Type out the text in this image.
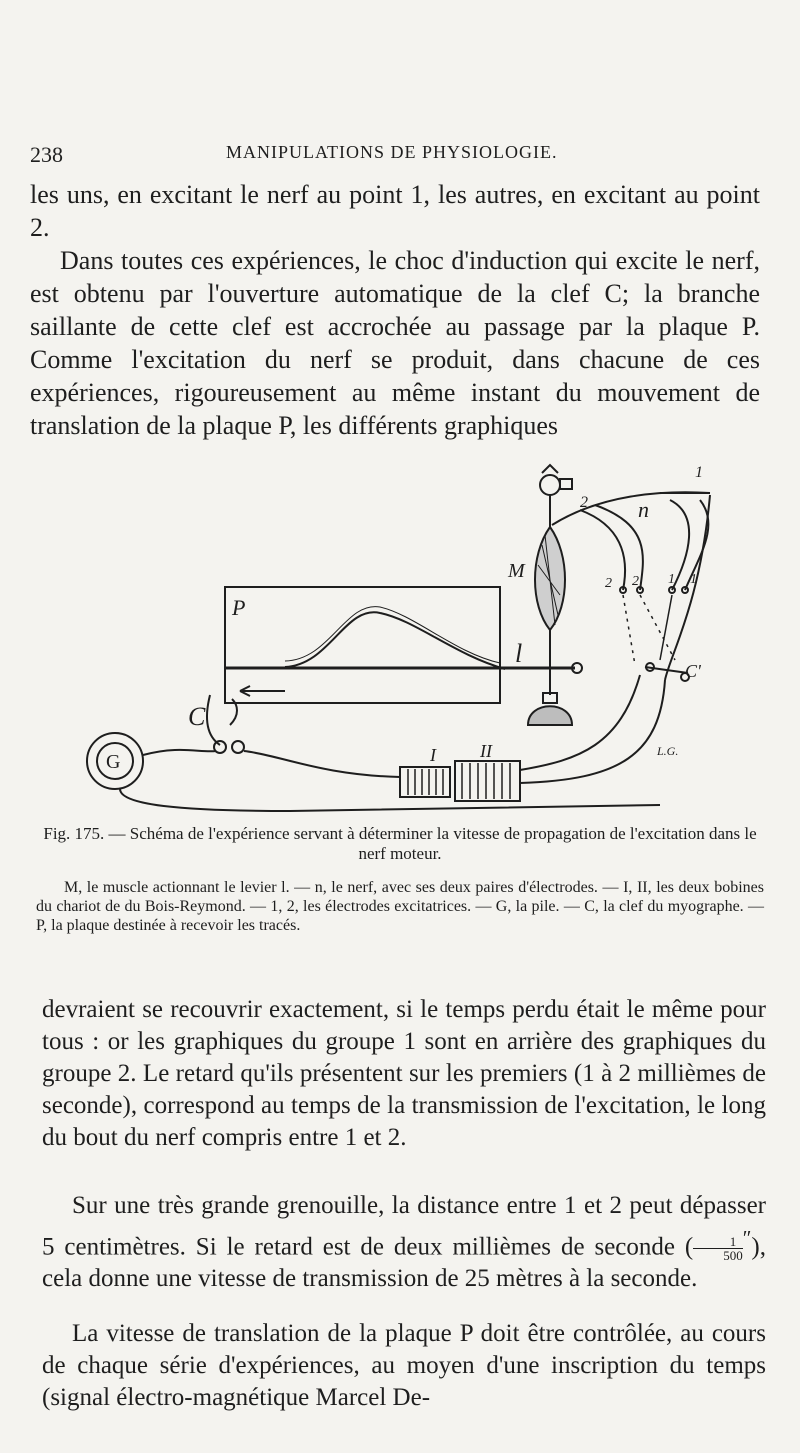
238	MANIPULATIONS DE PHYSIOLOGIE.

les uns, en excitant le nerf au point 1, les autres, en excitant au point 2.

Dans toutes ces expériences, le choc d'induction qui excite le nerf, est obtenu par l'ouverture automatique de la clef C; la branche saillante de cette clef est accrochée au passage par la plaque P. Comme l'excitation du nerf se produit, dans chacune de ces expériences, rigoureusement au même instant du mouvement de translation de la plaque P, les différents graphiques

P
l
M
n
C
G
C'
I II
1
2
2 2 1 1
L.G.

Fig. 175. — Schéma de l'expérience servant à déterminer la vitesse de propagation de l'excitation dans le nerf moteur.

M, le muscle actionnant le levier l. — n, le nerf, avec ses deux paires d'électrodes. — I, II, les deux bobines du chariot de du Bois-Reymond. — 1, 2, les électrodes excitatrices. — G, la pile. — C, la clef du myographe. — P, la plaque destinée à recevoir les tracés.

devraient se recouvrir exactement, si le temps perdu était le même pour tous : or les graphiques du groupe 1 sont en arrière des graphiques du groupe 2. Le retard qu'ils présentent sur les premiers (1 à 2 millièmes de seconde), correspond au temps de la transmission de l'excitation, le long du bout du nerf compris entre 1 et 2.

Sur une très grande grenouille, la distance entre 1 et 2 peut dépasser 5 centimètres. Si le retard est de deux millièmes de seconde ( $\frac{1}{500} ''$), cela donne une vitesse de transmission de 25 mètres à la seconde.

La vitesse de translation de la plaque P doit être contrôlée, au cours de chaque série d'expériences, au moyen d'une inscription du temps (signal électro-magnétique Marcel De-
